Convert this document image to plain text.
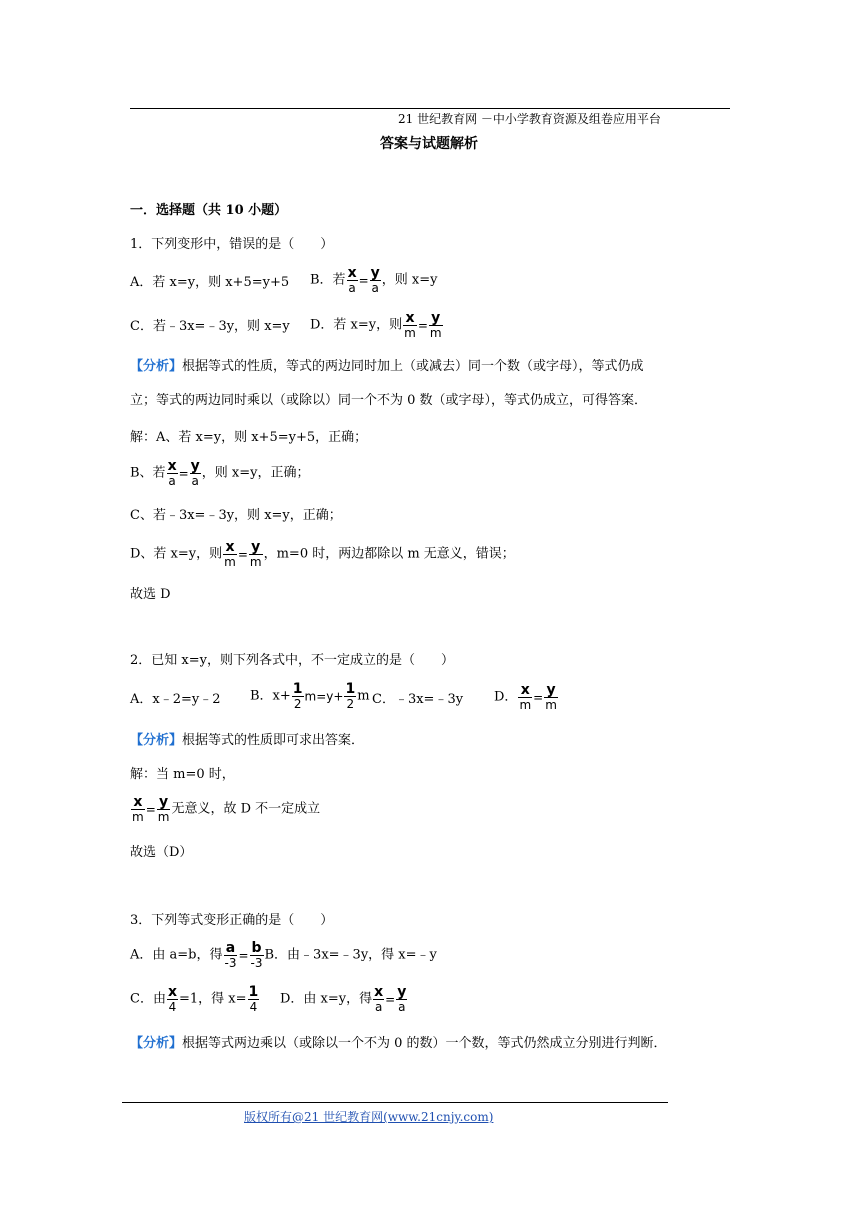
21 世纪教育网 －中小学教育资源及组卷应用平台
答案与试题解析
一．选择题（共 10 小题）
1．下列变形中，错误的是（　　）
A．若 x=y，则 x+5=y+5 B．若 $\frac{x}{a} = \frac{y}{a}$ ，则 x=y
C．若﹣3x=﹣3y，则 x=y D．若 x=y，则 $\frac{x}{m} = \frac{y}{m}$
【分析】根据等式的性质，等式的两边同时加上（或减去）同一个数（或字母），等式仍成
立；等式的两边同时乘以（或除以）同一个不为 0 数（或字母），等式仍成立，可得答案．
解：A、若 x=y，则 x+5=y+5，正确；
B、若 $\frac{x}{a} = \frac{y}{a}$ ，则 x=y，正确；
C、若﹣3x=﹣3y，则 x=y，正确；
D、若 x=y，则 $\frac{x}{m} = \frac{y}{m}$ ，m=0 时，两边都除以 m 无意义，错误；
故选 D
2．已知 x=y，则下列各式中，不一定成立的是（　　）
A．x﹣2=y﹣2 B．$x+ \frac{1}{2} m=y+ \frac{1}{2}$ m C．﹣3x=﹣3y D． $\frac{x}{m} = \frac{y}{m}$
【分析】根据等式的性质即可求出答案．
解：当 m=0 时，
$\frac{x}{m} = \frac{y}{m}$ 无意义，故 D 不一定成立
故选（D）
3．下列等式变形正确的是（　　）
A．由 a=b，得 $\frac{a}{-3} = \frac{b}{-3}$ B．由﹣3x=﹣3y，得 x=﹣y
C．由 $\frac{x}{4} =1$，得 $x= \frac{1}{4}$ D．由 x=y，得 $\frac{x}{a} = \frac{y}{a}$
【分析】根据等式两边乘以（或除以一个不为 0 的数）一个数，等式仍然成立分别进行判断．
版权所有@21 世纪教育网(www.21cnjy.com)
